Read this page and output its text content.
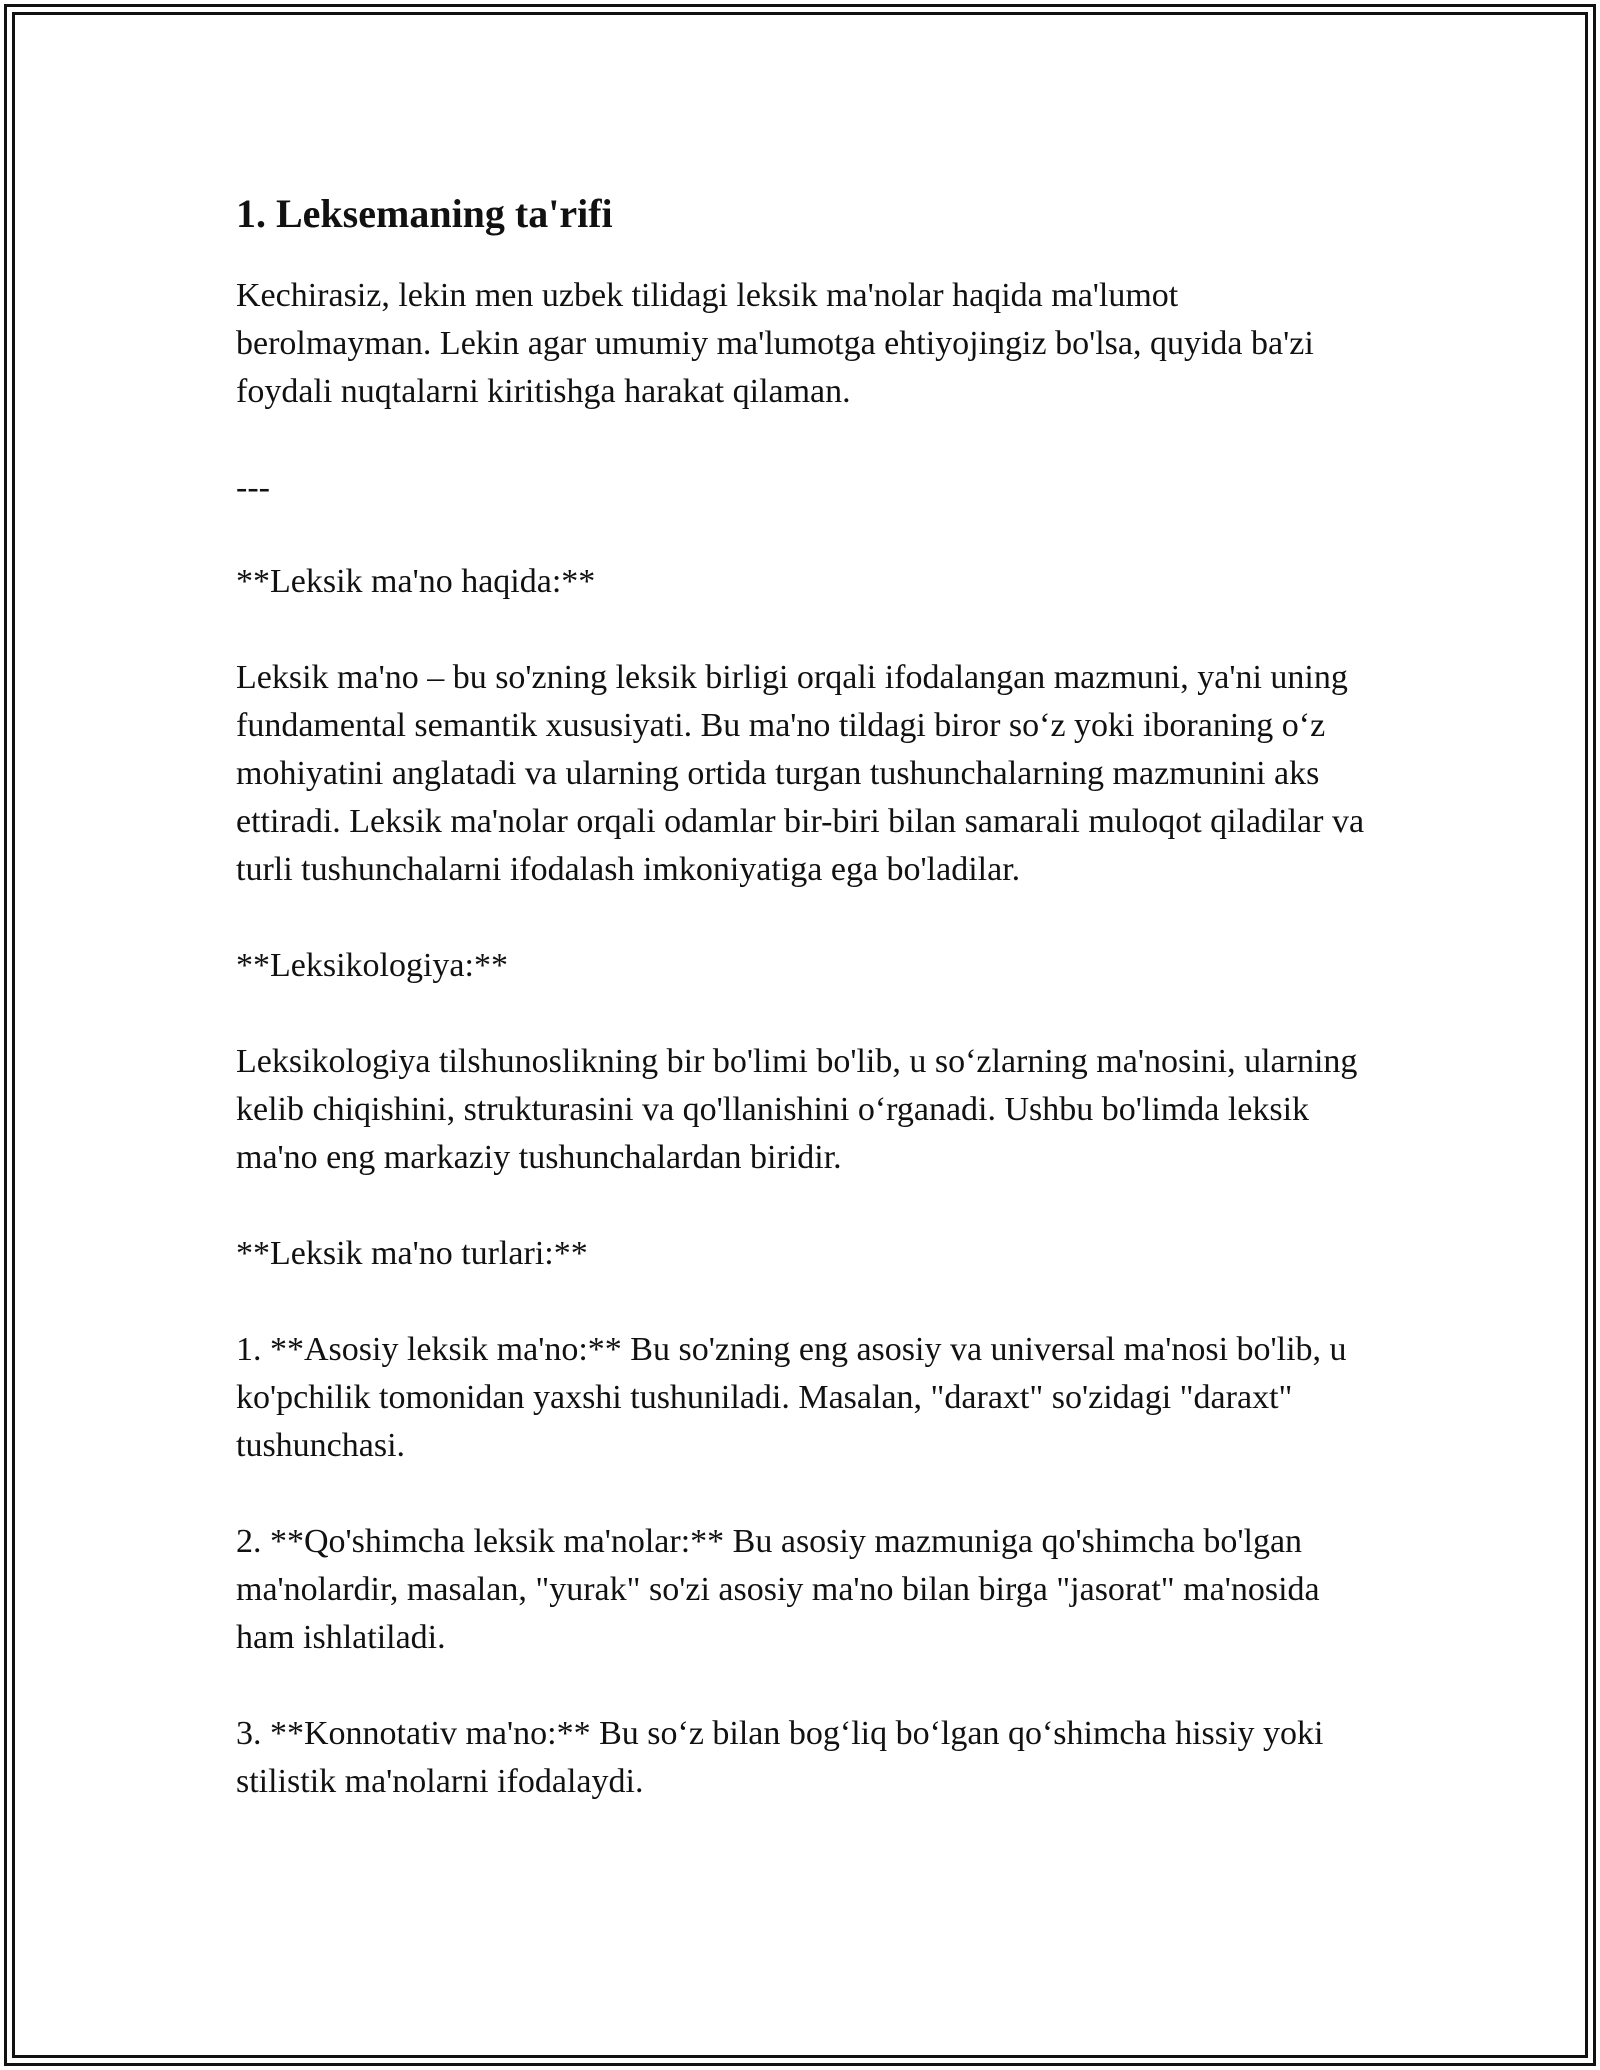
1. Leksemaning ta'rifi

Kechirasiz, lekin men uzbek tilidagi leksik ma'nolar haqida ma'lumot berolmayman. Lekin agar umumiy ma'lumotga ehtiyojingiz bo'lsa, quyida ba'zi foydali nuqtalarni kiritishga harakat qilaman.

---

**Leksik ma'no haqida:**

Leksik ma'no – bu so'zning leksik birligi orqali ifodalangan mazmuni, ya'ni uning fundamental semantik xususiyati. Bu ma'no tildagi biror so‘z yoki iboraning o‘z mohiyatini anglatadi va ularning ortida turgan tushunchalarning mazmunini aks ettiradi. Leksik ma'nolar orqali odamlar bir-biri bilan samarali muloqot qiladilar va turli tushunchalarni ifodalash imkoniyatiga ega bo'ladilar.

**Leksikologiya:**

Leksikologiya tilshunoslikning bir bo'limi bo'lib, u so‘zlarning ma'nosini, ularning kelib chiqishini, strukturasini va qo'llanishini o‘rganadi. Ushbu bo'limda leksik ma'no eng markaziy tushunchalardan biridir.

**Leksik ma'no turlari:**

1. **Asosiy leksik ma'no:** Bu so'zning eng asosiy va universal ma'nosi bo'lib, u ko'pchilik tomonidan yaxshi tushuniladi. Masalan, "daraxt" so'zidagi "daraxt" tushunchasi.

2. **Qo'shimcha leksik ma'nolar:** Bu asosiy mazmuniga qo'shimcha bo'lgan ma'nolardir, masalan, "yurak" so'zi asosiy ma'no bilan birga "jasorat" ma'nosida ham ishlatiladi.

3. **Konnotativ ma'no:** Bu so‘z bilan bog‘liq bo‘lgan qo‘shimcha hissiy yoki stilistik ma'nolarni ifodalaydi.
